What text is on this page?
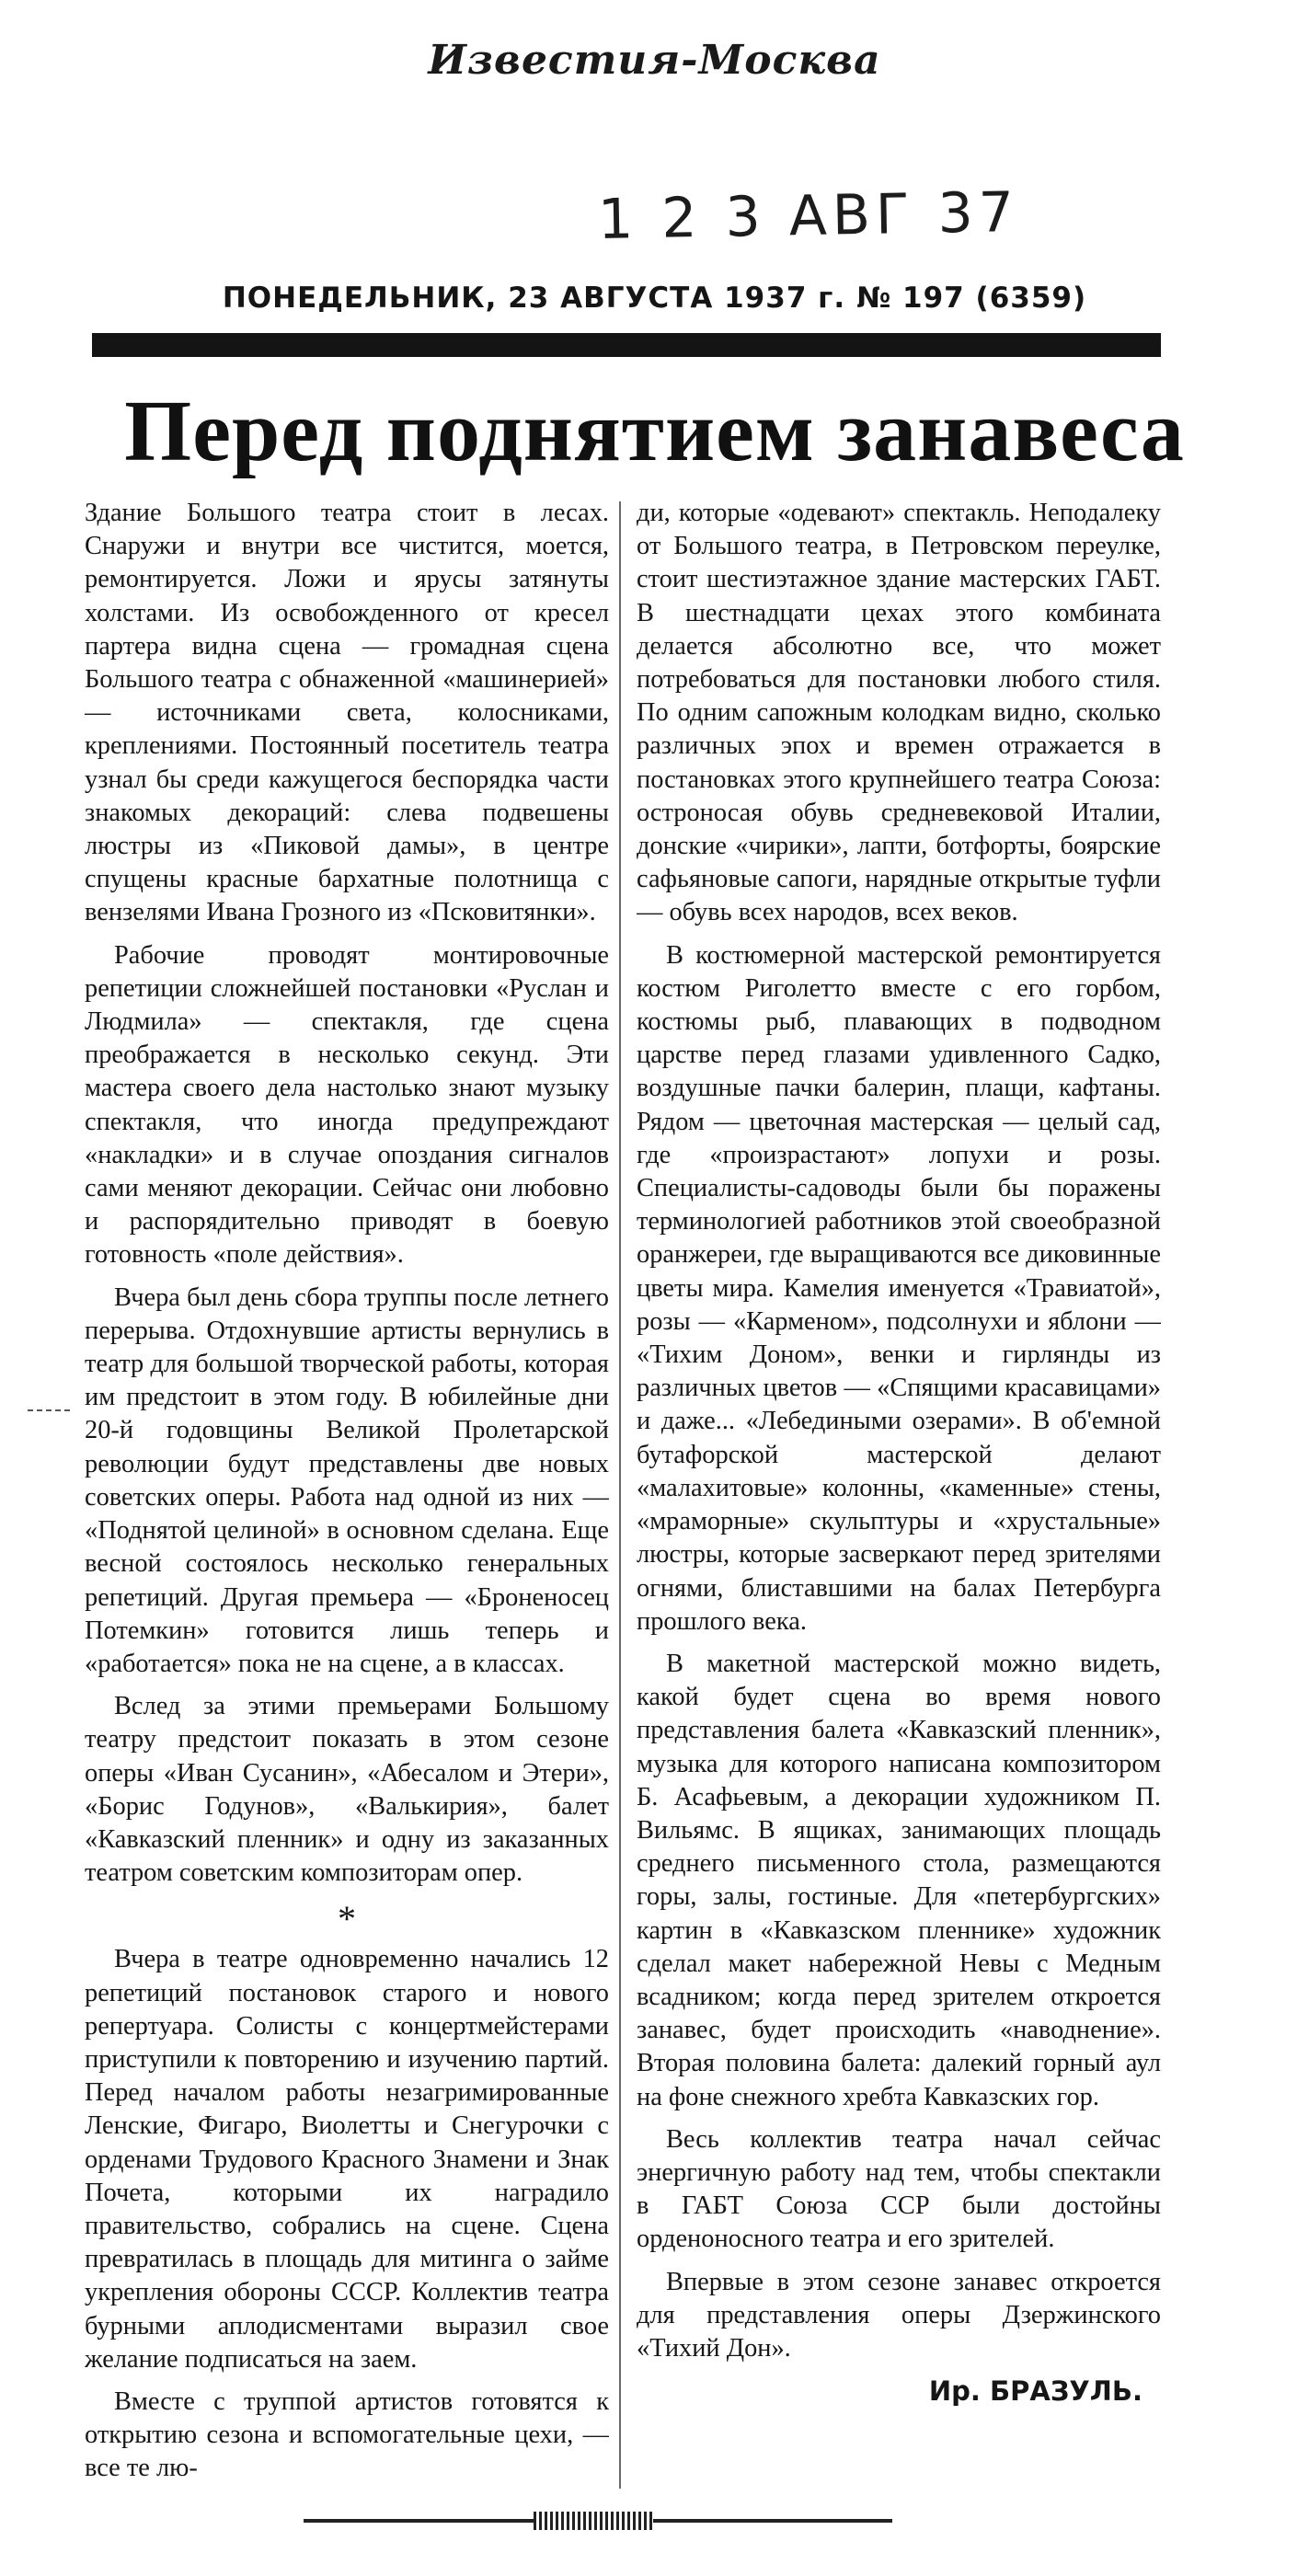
Известия-Москва
1 2 3 АВГ 37
ПОНЕДЕЛЬНИК, 23 АВГУСТА 1937 г. № 197 (6359)
Перед поднятием занавеса

Здание Большого театра стоит в лесах. Снаружи и внутри все чистится, моется, ремонтируется. Ложи и ярусы затянуты холстами. Из освобожденного от кресел партера видна сцена — громадная сцена Большого театра с обнаженной «машинерией» — источниками света, колосниками, креплениями. Постоянный посетитель театра узнал бы среди кажущегося беспорядка части знакомых декораций: слева подвешены люстры из «Пиковой дамы», в центре спущены красные бархатные полотнища с вензелями Ивана Грозного из «Псковитянки».

Рабочие проводят монтировочные репетиции сложнейшей постановки «Руслан и Людмила» — спектакля, где сцена преображается в несколько секунд. Эти мастера своего дела настолько знают музыку спектакля, что иногда предупреждают «накладки» и в случае опоздания сигналов сами меняют декорации. Сейчас они любовно и распорядительно приводят в боевую готовность «поле действия».

Вчера был день сбора труппы после летнего перерыва. Отдохнувшие артисты вернулись в театр для большой творческой работы, которая им предстоит в этом году. В юбилейные дни 20-й годовщины Великой Пролетарской революции будут представлены две новых советских оперы. Работа над одной из них — «Поднятой целиной» в основном сделана. Еще весной состоялось несколько генеральных репетиций. Другая премьера — «Броненосец Потемкин» готовится лишь теперь и «работается» пока не на сцене, а в классах.

Вслед за этими премьерами Большому театру предстоит показать в этом сезоне оперы «Иван Сусанин», «Абесалом и Этери», «Борис Годунов», «Валькирия», балет «Кавказский пленник» и одну из заказанных театром советским композиторам опер.

*

Вчера в театре одновременно начались 12 репетиций постановок старого и нового репертуара. Солисты с концертмейстерами приступили к повторению и изучению партий. Перед началом работы незагримированные Ленские, Фигаро, Виолетты и Снегурочки с орденами Трудового Красного Знамени и Знак Почета, которыми их наградило правительство, собрались на сцене. Сцена превратилась в площадь для митинга о займе укрепления обороны СССР. Коллектив театра бурными аплодисментами выразил свое желание подписаться на заем.

Вместе с труппой артистов готовятся к открытию сезона и вспомогательные цехи, — все те лю-

ди, которые «одевают» спектакль. Неподалеку от Большого театра, в Петровском переулке, стоит шестиэтажное здание мастерских ГАБТ. В шестнадцати цехах этого комбината делается абсолютно все, что может потребоваться для постановки любого стиля. По одним сапожным колодкам видно, сколько различных эпох и времен отражается в постановках этого крупнейшего театра Союза: остроносая обувь средневековой Италии, донские «чирики», лапти, ботфорты, боярские сафьяновые сапоги, нарядные открытые туфли — обувь всех народов, всех веков.

В костюмерной мастерской ремонтируется костюм Риголетто вместе с его горбом, костюмы рыб, плавающих в подводном царстве перед глазами удивленного Садко, воздушные пачки балерин, плащи, кафтаны. Рядом — цветочная мастерская — целый сад, где «произрастают» лопухи и розы. Специалисты-садоводы были бы поражены терминологией работников этой своеобразной оранжереи, где выращиваются все диковинные цветы мира. Камелия именуется «Травиатой», розы — «Карменом», подсолнухи и яблони — «Тихим Доном», венки и гирлянды из различных цветов — «Спящими красавицами» и даже... «Лебедиными озерами». В об'емной бутафорской мастерской делают «малахитовые» колонны, «каменные» стены, «мраморные» скульптуры и «хрустальные» люстры, которые засверкают перед зрителями огнями, блиставшими на балах Петербурга прошлого века.

В макетной мастерской можно видеть, какой будет сцена во время нового представления балета «Кавказский пленник», музыка для которого написана композитором Б. Асафьевым, а декорации художником П. Вильямс. В ящиках, занимающих площадь среднего письменного стола, размещаются горы, залы, гостиные. Для «петербургских» картин в «Кавказском пленнике» художник сделал макет набережной Невы с Медным всадником; когда перед зрителем откроется занавес, будет происходить «наводнение». Вторая половина балета: далекий горный аул на фоне снежного хребта Кавказских гор.

Весь коллектив театра начал сейчас энергичную работу над тем, чтобы спектакли в ГАБТ Союза ССР были достойны орденоносного театра и его зрителей.

Впервые в этом сезоне занавес откроется для представления оперы Дзержинского «Тихий Дон».

Ир. БРАЗУЛЬ.
